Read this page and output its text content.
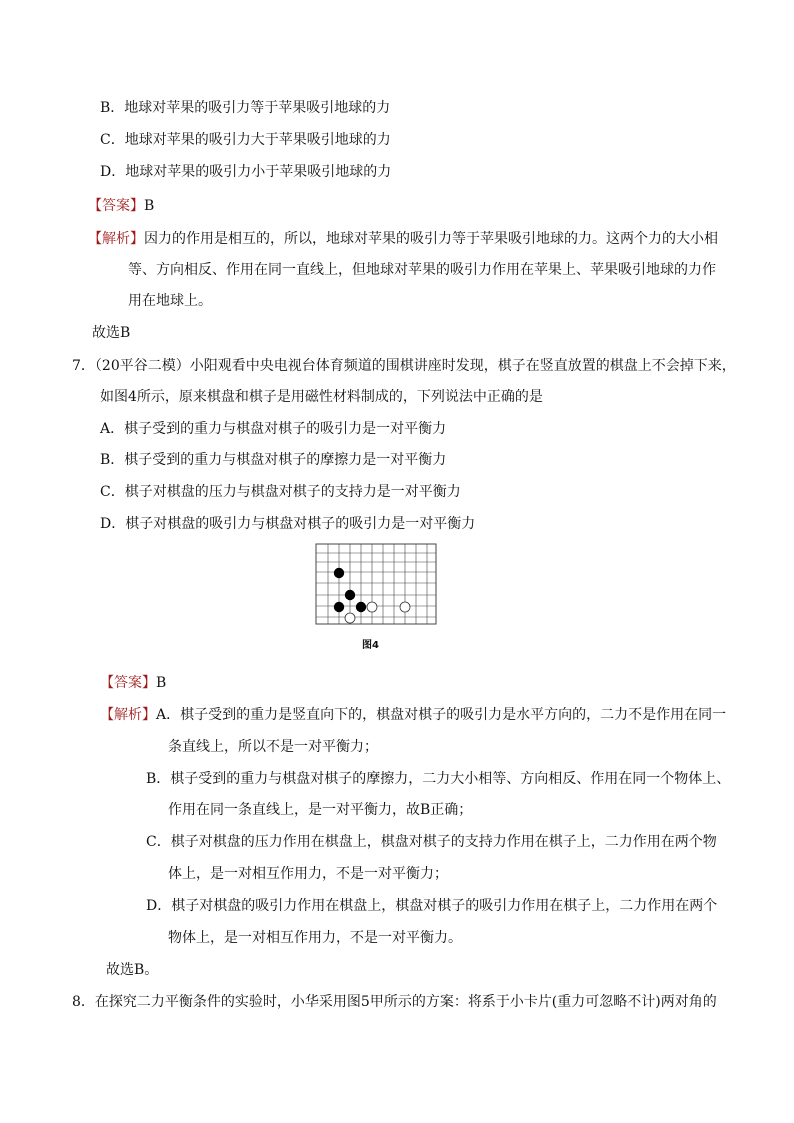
B．地球对苹果的吸引力等于苹果吸引地球的力
C．地球对苹果的吸引力大于苹果吸引地球的力
D．地球对苹果的吸引力小于苹果吸引地球的力
【答案】B
【解析】因力的作用是相互的，所以，地球对苹果的吸引力等于苹果吸引地球的力。这两个力的大小相
等、方向相反、作用在同一直线上，但地球对苹果的吸引力作用在苹果上、苹果吸引地球的力作
用在地球上。
故选B
7．（20平谷二模）小阳观看中央电视台体育频道的围棋讲座时发现，棋子在竖直放置的棋盘上不会掉下来，
如图4所示，原来棋盘和棋子是用磁性材料制成的，下列说法中正确的是
A．棋子受到的重力与棋盘对棋子的吸引力是一对平衡力
B．棋子受到的重力与棋盘对棋子的摩擦力是一对平衡力
C．棋子对棋盘的压力与棋盘对棋子的支持力是一对平衡力
D．棋子对棋盘的吸引力与棋盘对棋子的吸引力是一对平衡力
图4
【答案】B
【解析】A．棋子受到的重力是竖直向下的，棋盘对棋子的吸引力是水平方向的，二力不是作用在同一
条直线上，所以不是一对平衡力；
B．棋子受到的重力与棋盘对棋子的摩擦力，二力大小相等、方向相反、作用在同一个物体上、
作用在同一条直线上，是一对平衡力，故B正确；
C．棋子对棋盘的压力作用在棋盘上，棋盘对棋子的支持力作用在棋子上，二力作用在两个物
体上，是一对相互作用力，不是一对平衡力；
D．棋子对棋盘的吸引力作用在棋盘上，棋盘对棋子的吸引力作用在棋子上，二力作用在两个
物体上，是一对相互作用力，不是一对平衡力。
故选B。
8．在探究二力平衡条件的实验时，小华采用图5甲所示的方案：将系于小卡片(重力可忽略不计)两对角的
